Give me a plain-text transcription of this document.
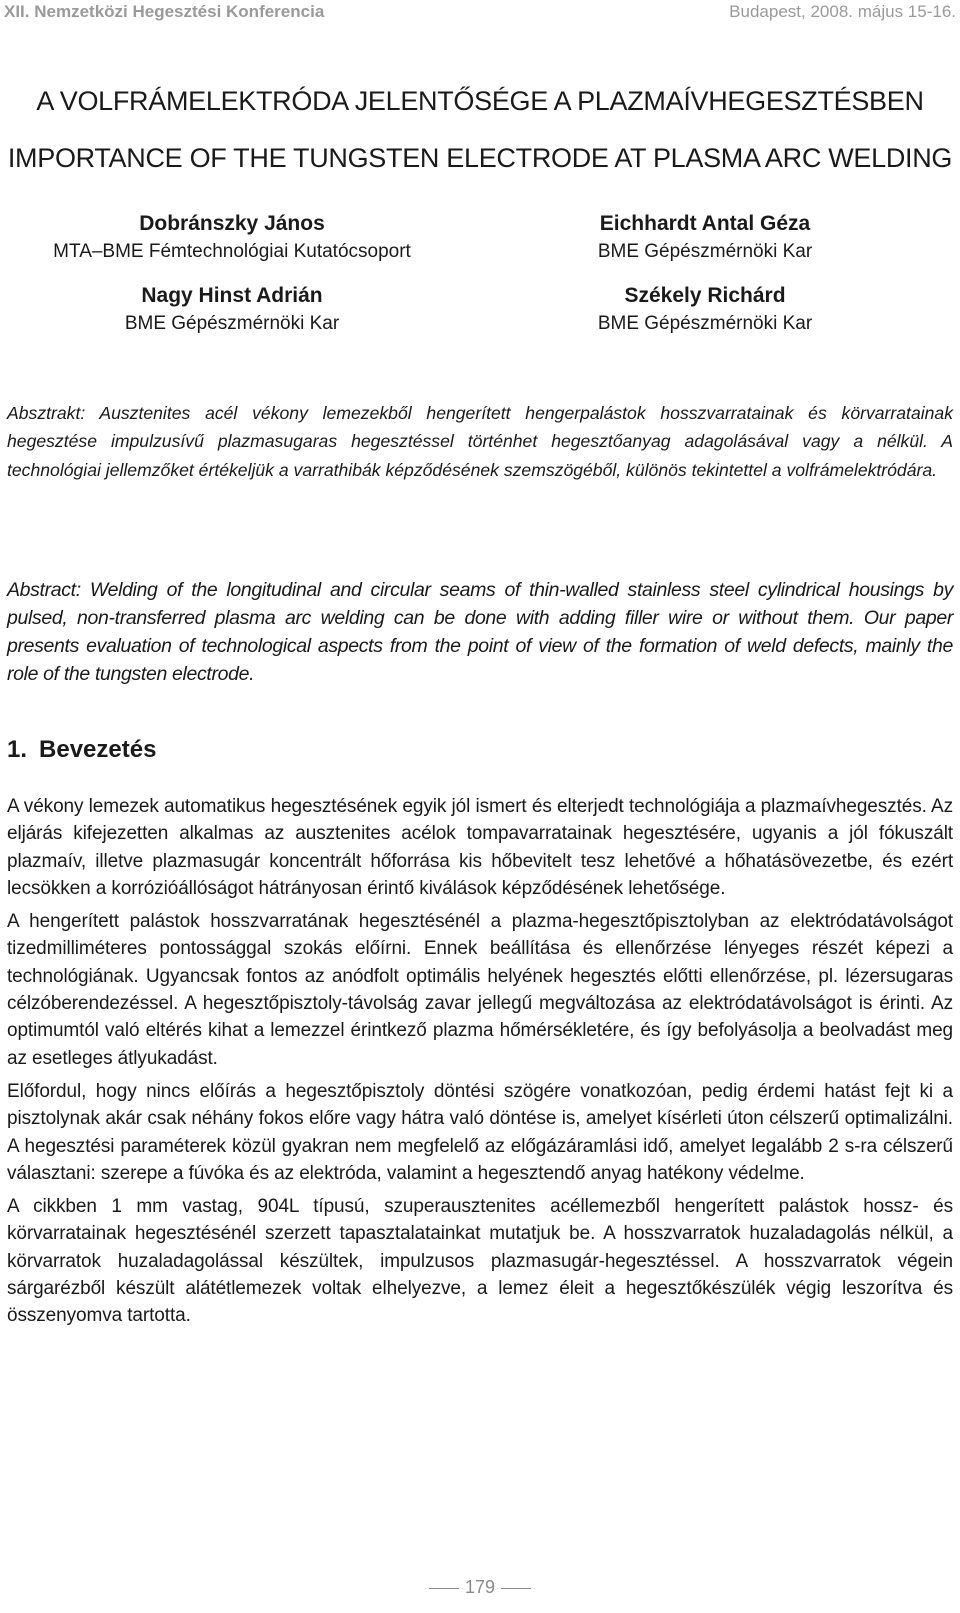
XII. Nemzetközi Hegesztési Konferencia	Budapest, 2008. május 15-16.
A VOLFRÁMELEKTRÓDA JELENTŐSÉGE A PLAZMAÍVHEGESZTÉSBEN
IMPORTANCE OF THE TUNGSTEN ELECTRODE AT PLASMA ARC WELDING
Dobránszky János
MTA–BME Fémtechnológiai Kutatócsoport
Eichhardt Antal Géza
BME Gépészmérnöki Kar
Nagy Hinst Adrián
BME Gépészmérnöki Kar
Székely Richárd
BME Gépészmérnöki Kar
Absztrakt: Ausztenites acél vékony lemezekből hengerített hengerpalástok hosszvarratainak és körvarratainak hegesztése impulzusívű plazmasugaras hegesztéssel történhet hegesztőanyag adagolásával vagy a nélkül. A technológiai jellemzőket értékeljük a varrathibák képződésének szemszögéből, különös tekintettel a volfrámelektródára.
Abstract: Welding of the longitudinal and circular seams of thin-walled stainless steel cylindrical housings by pulsed, non-transferred plasma arc welding can be done with adding filler wire or without them. Our paper presents evaluation of technological aspects from the point of view of the formation of weld defects, mainly the role of the tungsten electrode.
1. Bevezetés

A vékony lemezek automatikus hegesztésének egyik jól ismert és elterjedt technológiája a plazmaívhegesztés. Az eljárás kifejezetten alkalmas az ausztenites acélok tompavarratainak hegesztésére, ugyanis a jól fókuszált plazmaív, illetve plazmasugár koncentrált hőforrása kis hőbevitelt tesz lehetővé a hőhatásövezetbe, és ezért lecsökken a korrózióállóságot hátrányosan érintő kiválások képződésének lehetősége.

A hengerített palástok hosszvarratának hegesztésénél a plazma-hegesztőpisztolyban az elektródatávolságot tizedmilliméteres pontossággal szokás előírni. Ennek beállítása és ellenőrzése lényeges részét képezi a technológiának. Ugyancsak fontos az anódfolt optimális helyének hegesztés előtti ellenőrzése, pl. lézersugaras célzóberendezéssel. A hegesztőpisztoly-távolság zavar jellegű megváltozása az elektródatávolságot is érinti. Az optimumtól való eltérés kihat a lemezzel érintkező plazma hőmérsékletére, és így befolyásolja a beolvadást meg az esetleges átlyukadást.

Előfordul, hogy nincs előírás a hegesztőpisztoly döntési szögére vonatkozóan, pedig érdemi hatást fejt ki a pisztolynak akár csak néhány fokos előre vagy hátra való döntése is, amelyet kísérleti úton célszerű optimalizálni. A hegesztési paraméterek közül gyakran nem megfelelő az előgázáramlási idő, amelyet legalább 2 s-ra célszerű választani: szerepe a fúvóka és az elektróda, valamint a hegesztendő anyag hatékony védelme.

A cikkben 1 mm vastag, 904L típusú, szuperausztenites acéllemezből hengerített palástok hossz- és körvarratainak hegesztésénél szerzett tapasztalatainkat mutatjuk be. A hosszvarratok huzaladagolás nélkül, a körvarratok huzaladagolással készültek, impulzusos plazmasugár-hegesztéssel. A hosszvarratok végein sárgarézből készült alátétlemezek voltak elhelyezve, a lemez éleit a hegesztőkészülék végig leszorítva és összenyomva tartotta.

179
